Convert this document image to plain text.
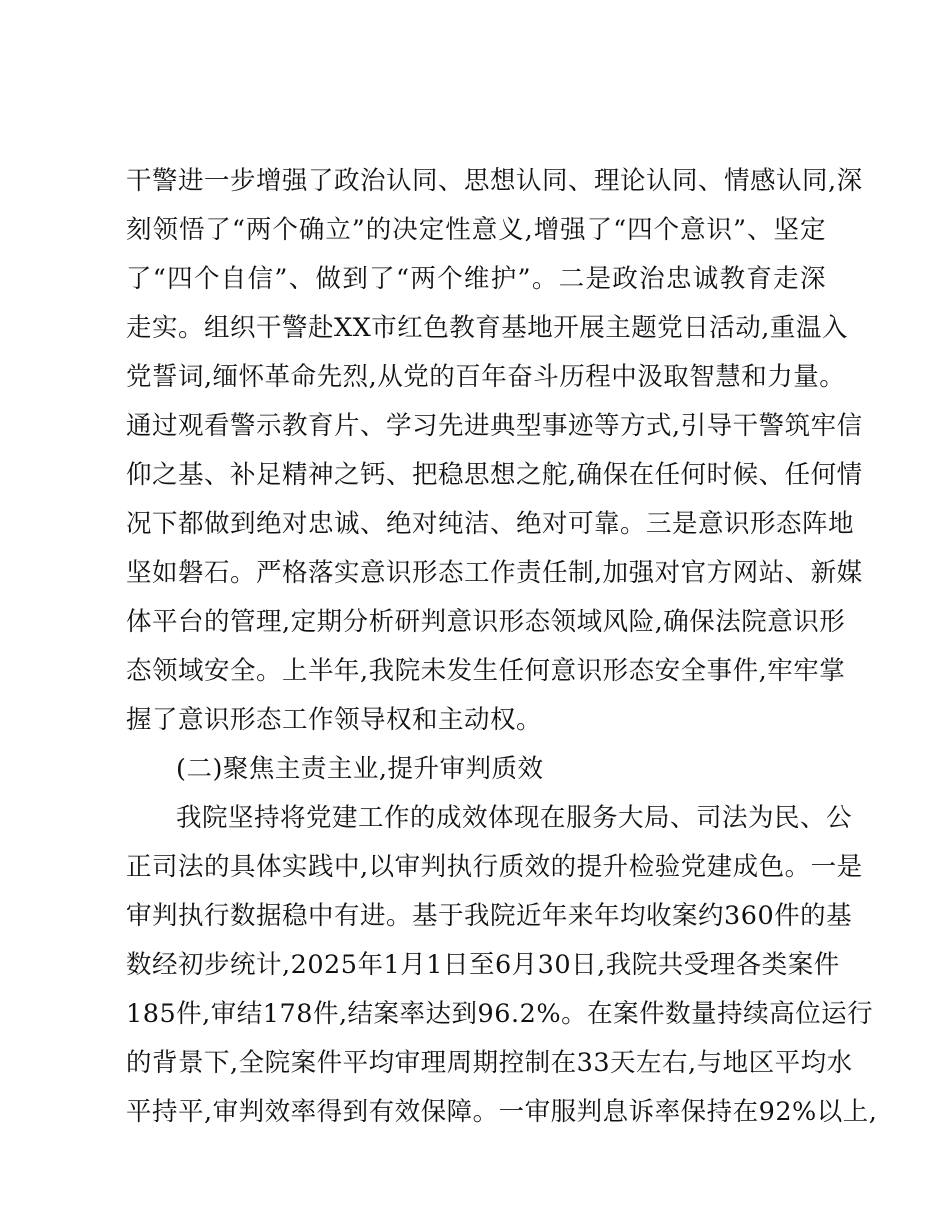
干警进一步增强了政治认同、思想认同、理论认同、情感认同,深
刻领悟了“两个确立”的决定性意义,增强了“四个意识”、坚定
了“四个自信”、做到了“两个维护”。二是政治忠诚教育走深
走实。组织干警赴XX市红色教育基地开展主题党日活动,重温入
党誓词,缅怀革命先烈,从党的百年奋斗历程中汲取智慧和力量。
通过观看警示教育片、学习先进典型事迹等方式,引导干警筑牢信
仰之基、补足精神之钙、把稳思想之舵,确保在任何时候、任何情
况下都做到绝对忠诚、绝对纯洁、绝对可靠。三是意识形态阵地
坚如磐石。严格落实意识形态工作责任制,加强对官方网站、新媒
体平台的管理,定期分析研判意识形态领域风险,确保法院意识形
态领域安全。上半年,我院未发生任何意识形态安全事件,牢牢掌
握了意识形态工作领导权和主动权。
(二)聚焦主责主业,提升审判质效
我院坚持将党建工作的成效体现在服务大局、司法为民、公
正司法的具体实践中,以审判执行质效的提升检验党建成色。一是
审判执行数据稳中有进。基于我院近年来年均收案约360件的基
数经初步统计,2025年1月1日至6月30日,我院共受理各类案件
185件,审结178件,结案率达到96.2%。在案件数量持续高位运行
的背景下,全院案件平均审理周期控制在33天左右,与地区平均水
平持平,审判效率得到有效保障。一审服判息诉率保持在92%以上,
